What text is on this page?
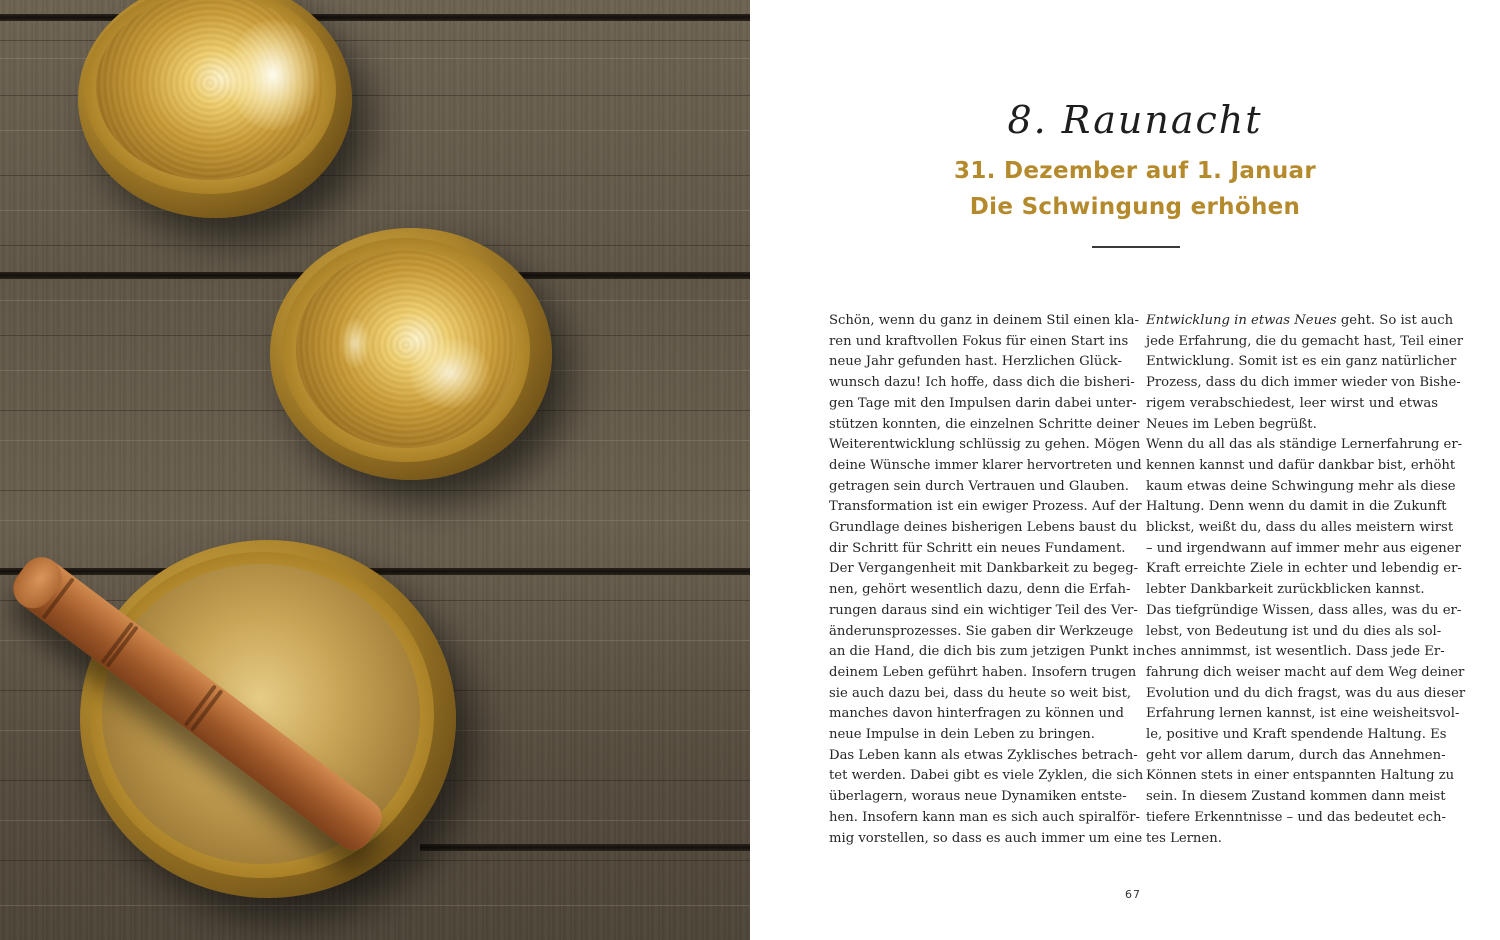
8. Raunacht
31. Dezember auf 1. Januar
Die Schwingung erhöhen
Schön, wenn du ganz in deinem Stil einen kla-
ren und kraftvollen Fokus für einen Start ins
neue Jahr gefunden hast. Herzlichen Glück-
wunsch dazu! Ich hoffe, dass dich die bisheri-
gen Tage mit den Impulsen darin dabei unter-
stützen konnten, die einzelnen Schritte deiner
Weiterentwicklung schlüssig zu gehen. Mögen
deine Wünsche immer klarer hervortreten und
getragen sein durch Vertrauen und Glauben.
Transformation ist ein ewiger Prozess. Auf der
Grundlage deines bisherigen Lebens baust du
dir Schritt für Schritt ein neues Fundament.
Der Vergangenheit mit Dankbarkeit zu begeg-
nen, gehört wesentlich dazu, denn die Erfah-
rungen daraus sind ein wichtiger Teil des Ver-
änderunsprozesses. Sie gaben dir Werkzeuge
an die Hand, die dich bis zum jetzigen Punkt in
deinem Leben geführt haben. Insofern trugen
sie auch dazu bei, dass du heute so weit bist,
manches davon hinterfragen zu können und
neue Impulse in dein Leben zu bringen.
Das Leben kann als etwas Zyklisches betrach-
tet werden. Dabei gibt es viele Zyklen, die sich
überlagern, woraus neue Dynamiken entste-
hen. Insofern kann man es sich auch spiralför-
mig vorstellen, so dass es auch immer um eine
Entwicklung in etwas Neues geht. So ist auch
jede Erfahrung, die du gemacht hast, Teil einer
Entwicklung. Somit ist es ein ganz natürlicher
Prozess, dass du dich immer wieder von Bishe-
rigem verabschiedest, leer wirst und etwas
Neues im Leben begrüßt.
Wenn du all das als ständige Lernerfahrung er-
kennen kannst und dafür dankbar bist, erhöht
kaum etwas deine Schwingung mehr als diese
Haltung. Denn wenn du damit in die Zukunft
blickst, weißt du, dass du alles meistern wirst
– und irgendwann auf immer mehr aus eigener
Kraft erreichte Ziele in echter und lebendig er-
lebter Dankbarkeit zurückblicken kannst.
Das tiefgründige Wissen, dass alles, was du er-
lebst, von Bedeutung ist und du dies als sol-
ches annimmst, ist wesentlich. Dass jede Er-
fahrung dich weiser macht auf dem Weg deiner
Evolution und du dich fragst, was du aus dieser
Erfahrung lernen kannst, ist eine weisheitsvol-
le, positive und Kraft spendende Haltung. Es
geht vor allem darum, durch das Annehmen-
Können stets in einer entspannten Haltung zu
sein. In diesem Zustand kommen dann meist
tiefere Erkenntnisse – und das bedeutet ech-
tes Lernen.
67
